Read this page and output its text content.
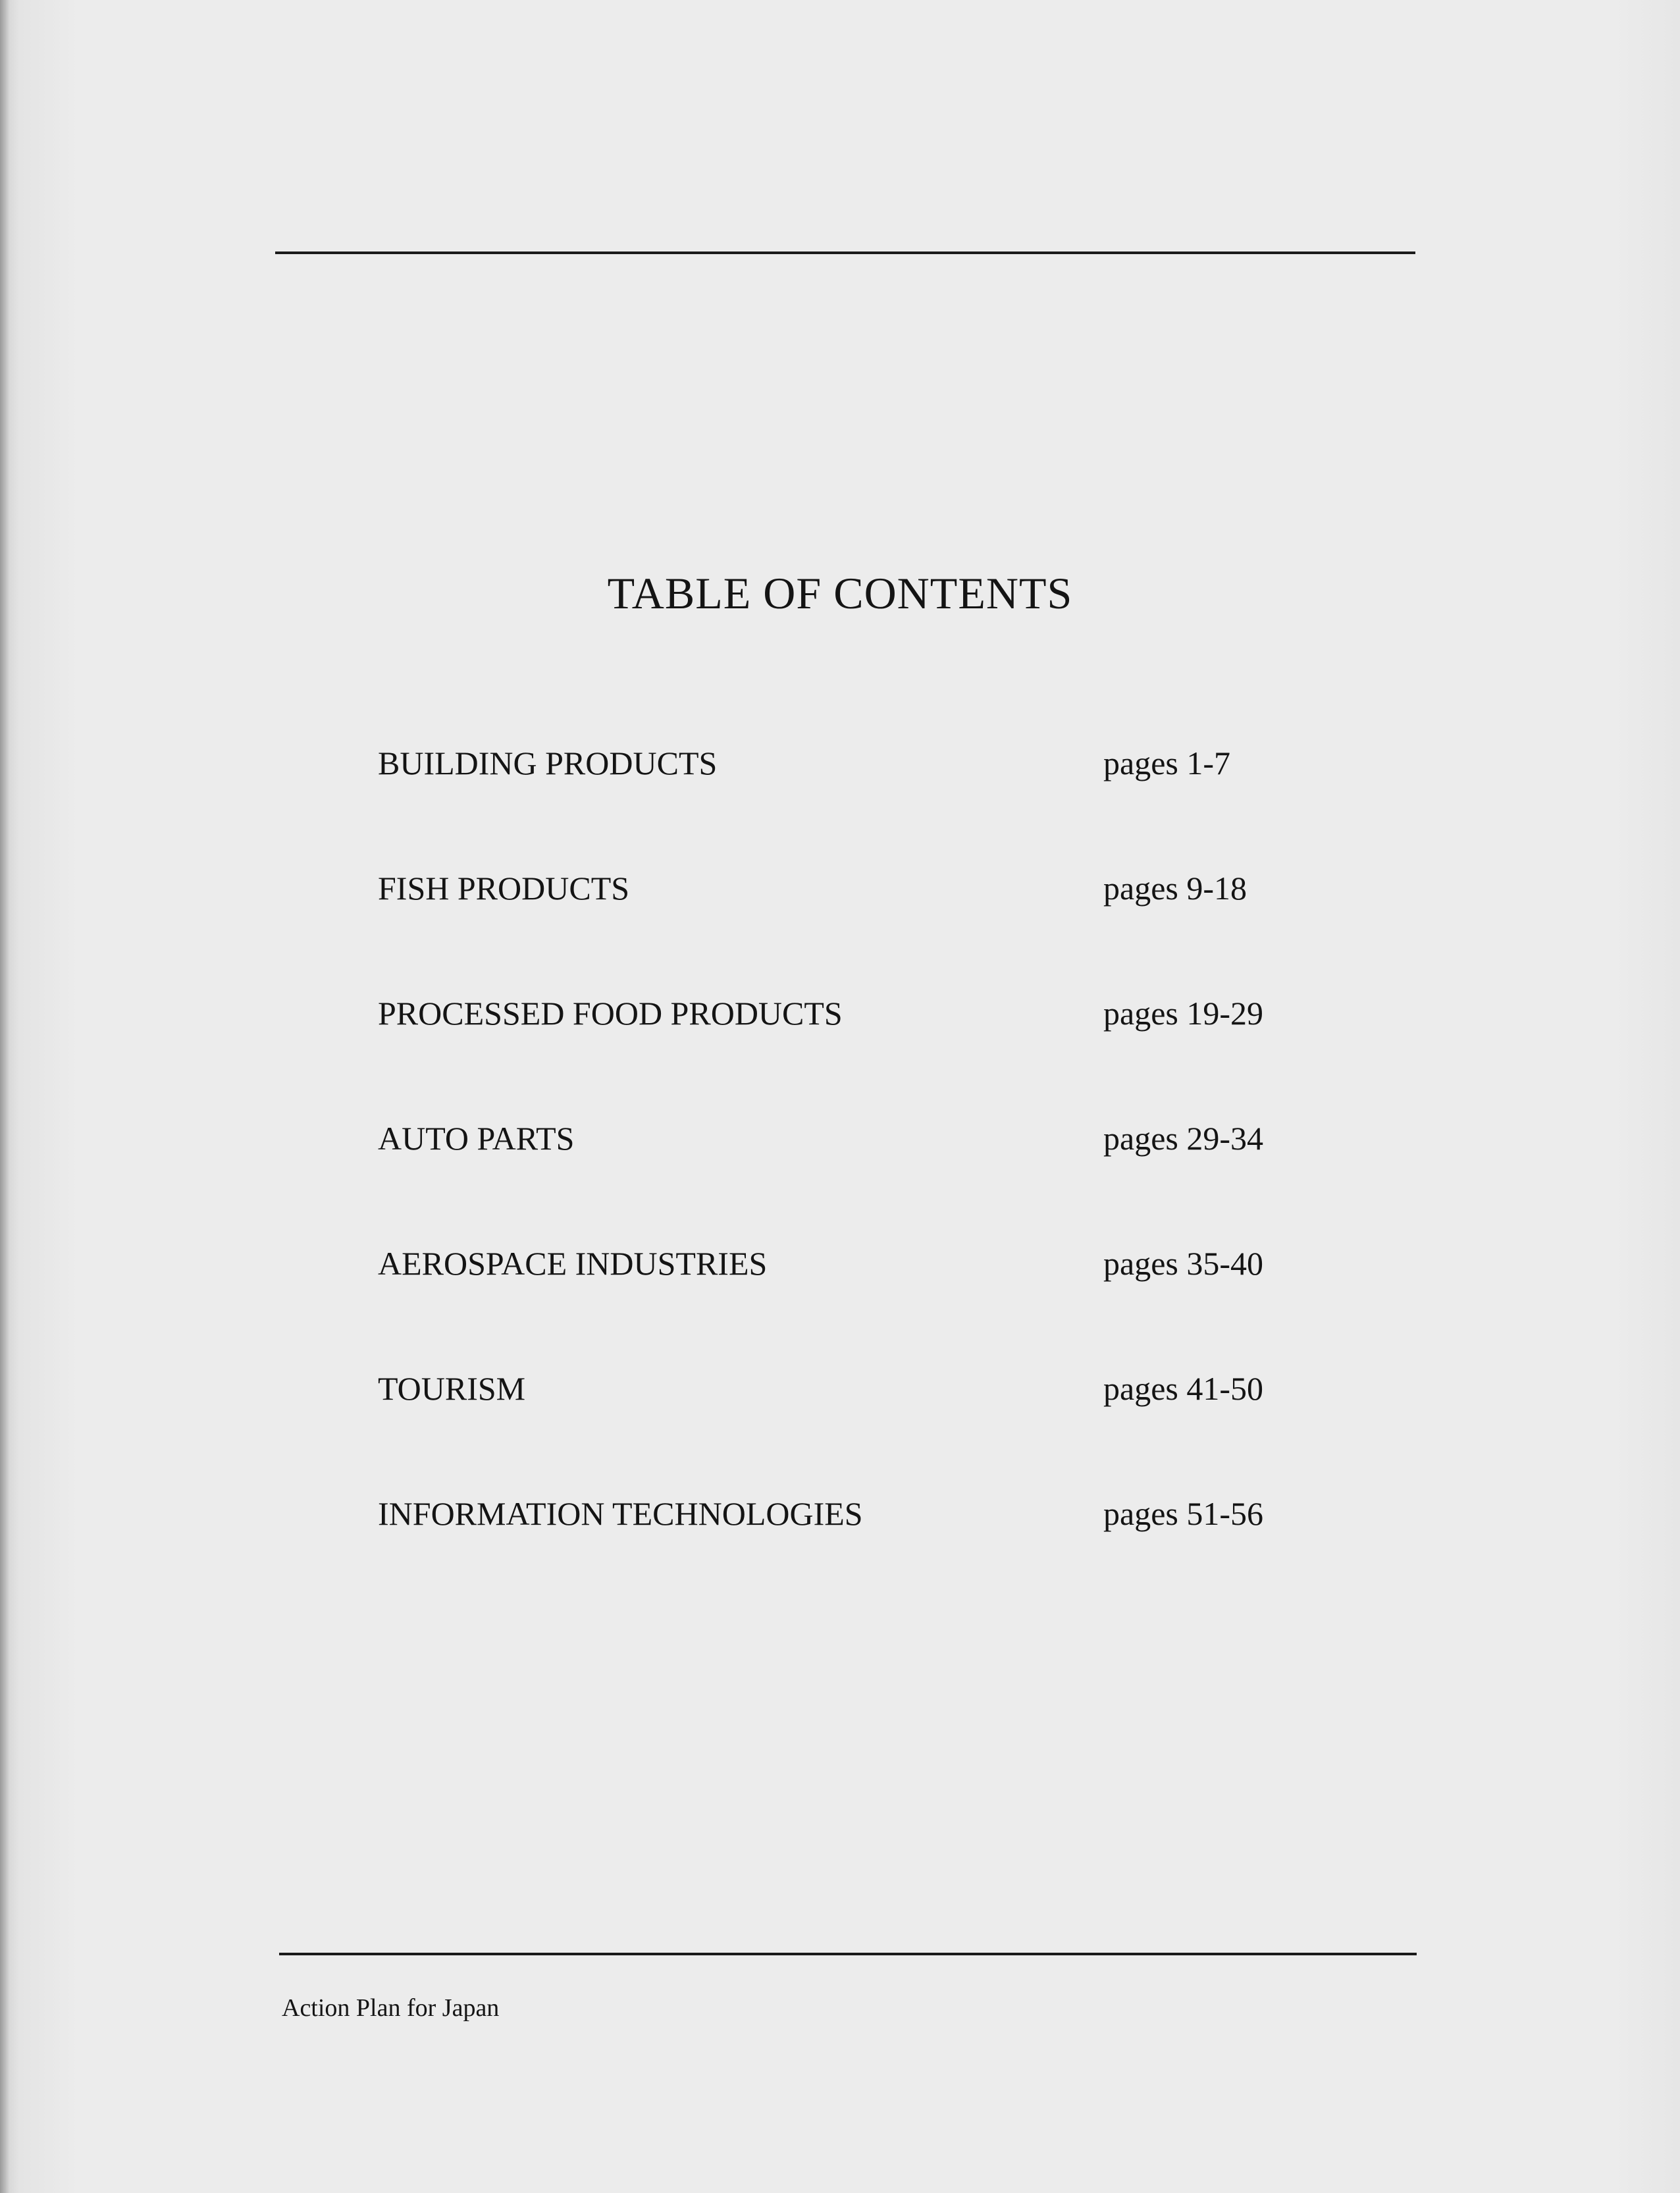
TABLE OF CONTENTS
BUILDING PRODUCTS	pages 1-7
FISH PRODUCTS	pages 9-18
PROCESSED FOOD PRODUCTS	pages 19-29
AUTO PARTS	pages 29-34
AEROSPACE INDUSTRIES	pages 35-40
TOURISM	pages 41-50
INFORMATION TECHNOLOGIES	pages 51-56
Action Plan for Japan
